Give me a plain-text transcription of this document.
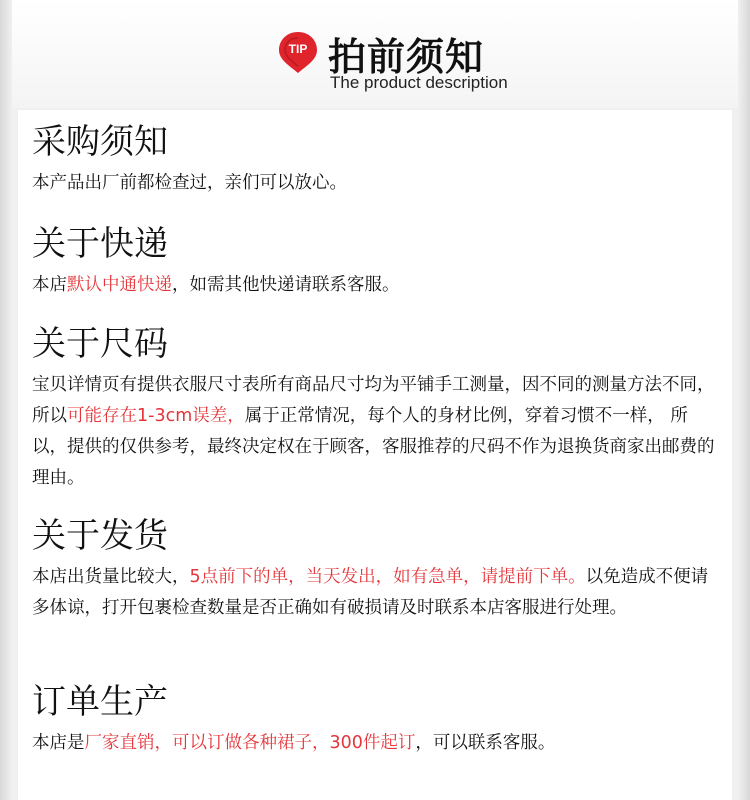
TIP 拍前须知
The product description
采购须知

本产品出厂前都检查过，亲们可以放心。

关于快递

本店默认中通快递，如需其他快递请联系客服。

关于尺码

宝贝详情页有提供衣服尺寸表所有商品尺寸均为平铺手工测量，因不同的测量方法不同，所以可能存在1-3cm误差，属于正常情况，每个人的身材比例，穿着习惯不一样， 所以，提供的仅供参考，最终决定权在于顾客，客服推荐的尺码不作为退换货商家出邮费的理由。

关于发货

本店出货量比较大，5点前下的单，当天发出，如有急单，请提前下单。以免造成不便请多体谅，打开包裹检查数量是否正确如有破损请及时联系本店客服进行处理。

订单生产

本店是厂家直销，可以订做各种裙子，300件起订，可以联系客服。
